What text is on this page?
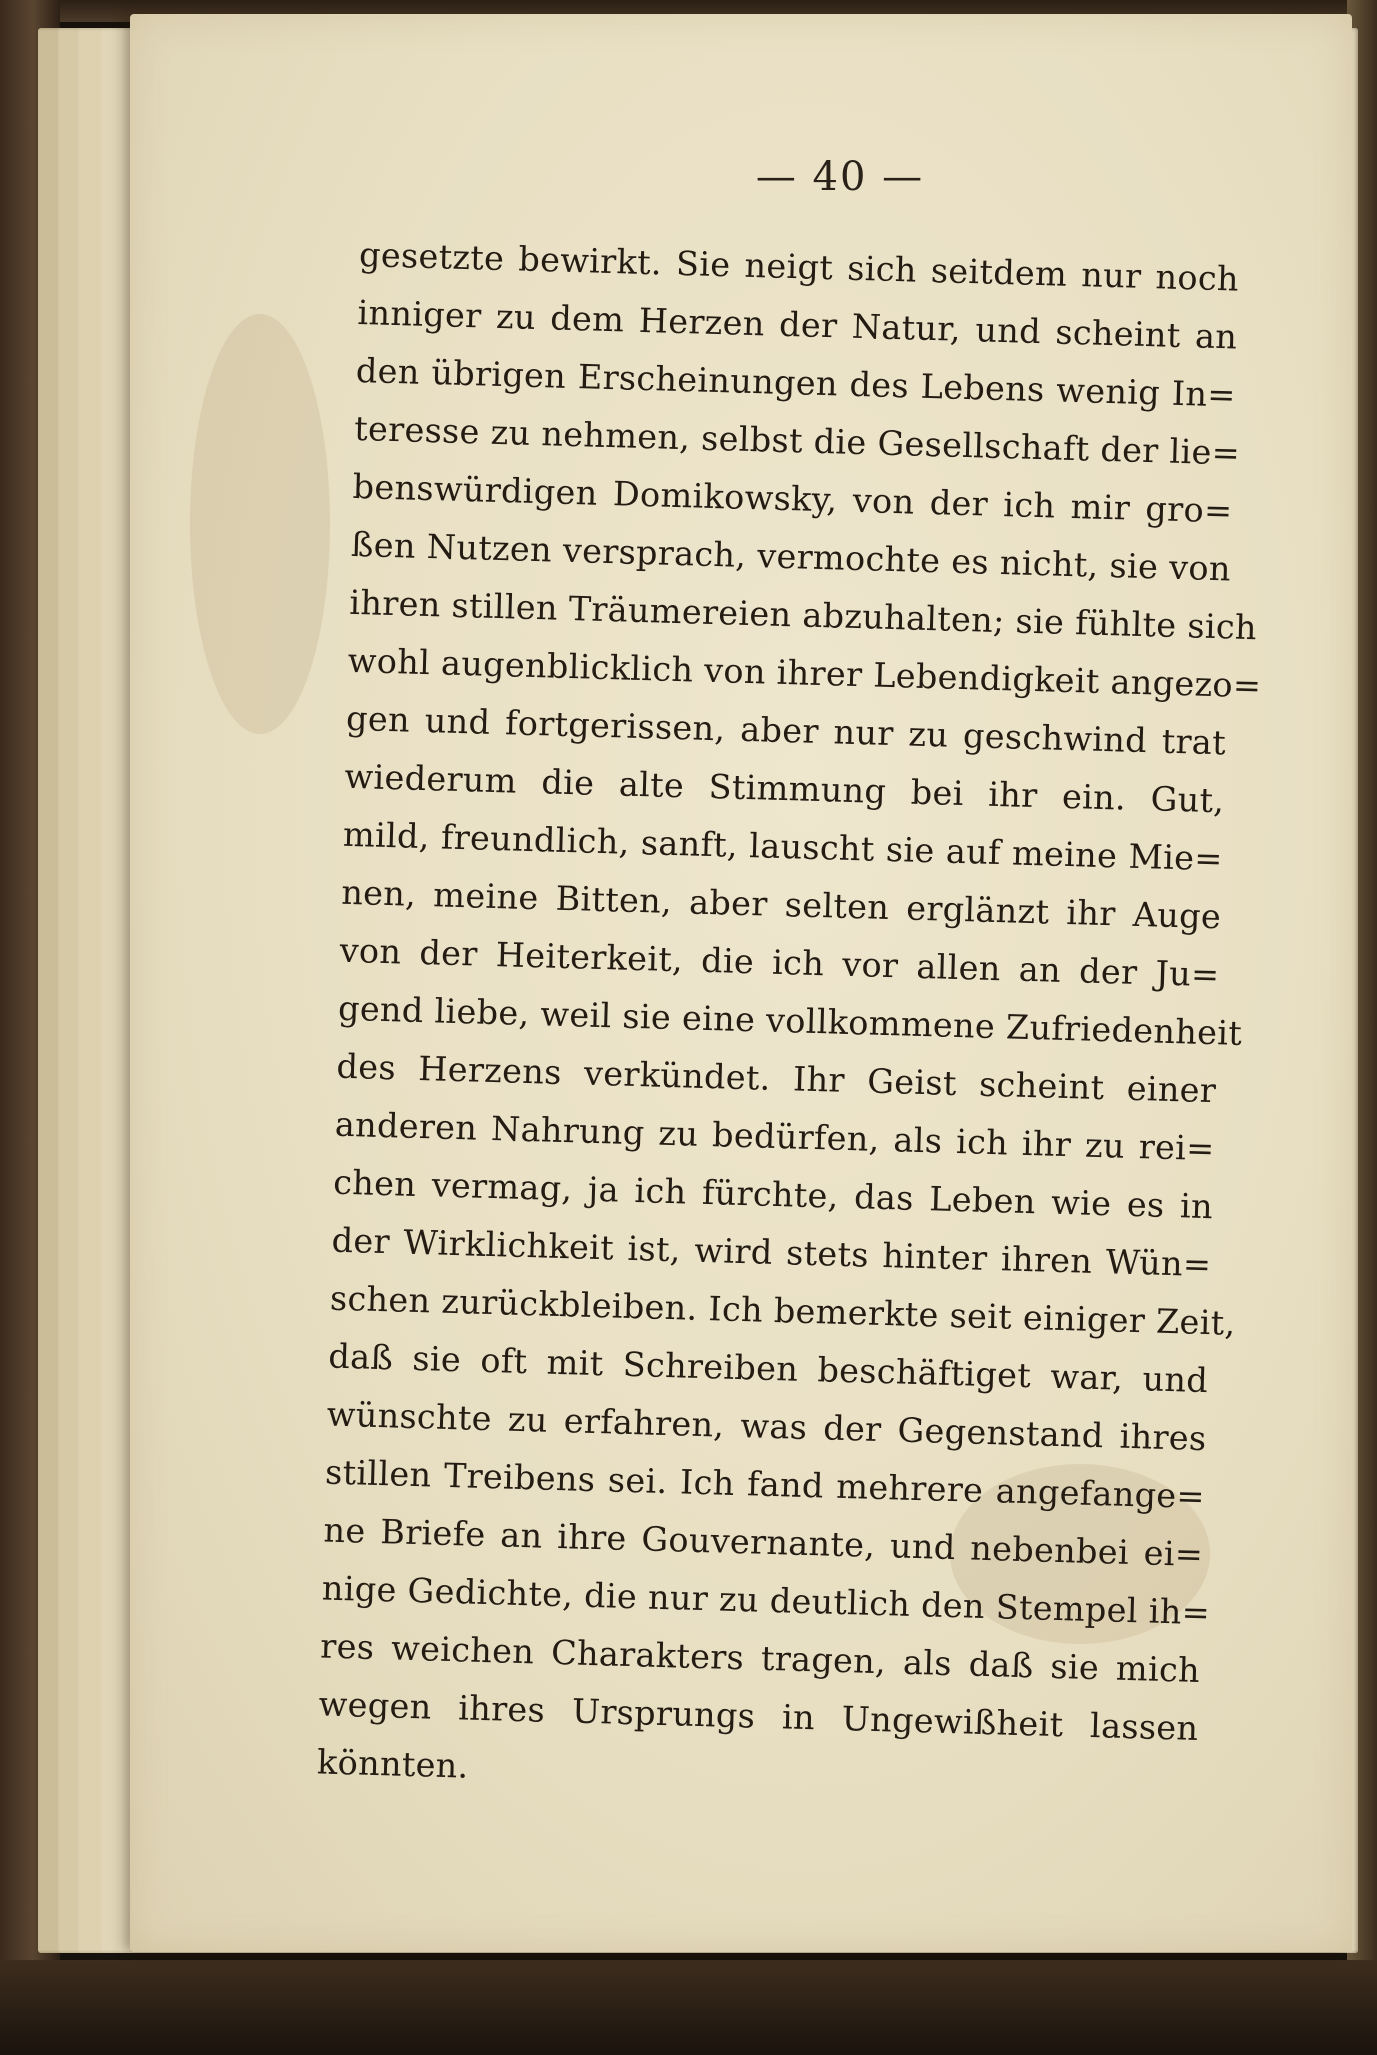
— 40 —

gesetzte bewirkt. Sie neigt sich seitdem nur noch
inniger zu dem Herzen der Natur, und scheint an
den übrigen Erscheinungen des Lebens wenig In=
teresse zu nehmen, selbst die Gesellschaft der lie=
benswürdigen Domikowsky, von der ich mir gro=
ßen Nutzen versprach, vermochte es nicht, sie von
ihren stillen Träumereien abzuhalten; sie fühlte sich
wohl augenblicklich von ihrer Lebendigkeit angezo=
gen und fortgerissen, aber nur zu geschwind trat
wiederum die alte Stimmung bei ihr ein. Gut,
mild, freundlich, sanft, lauscht sie auf meine Mie=
nen, meine Bitten, aber selten erglänzt ihr Auge
von der Heiterkeit, die ich vor allen an der Ju=
gend liebe, weil sie eine vollkommene Zufriedenheit
des Herzens verkündet. Ihr Geist scheint einer
anderen Nahrung zu bedürfen, als ich ihr zu rei=
chen vermag, ja ich fürchte, das Leben wie es in
der Wirklichkeit ist, wird stets hinter ihren Wün=
schen zurückbleiben. Ich bemerkte seit einiger Zeit,
daß sie oft mit Schreiben beschäftiget war, und
wünschte zu erfahren, was der Gegenstand ihres
stillen Treibens sei. Ich fand mehrere angefange=
ne Briefe an ihre Gouvernante, und nebenbei ei=
nige Gedichte, die nur zu deutlich den Stempel ih=
res weichen Charakters tragen, als daß sie mich
wegen ihres Ursprungs in Ungewißheit lassen
könnten.
